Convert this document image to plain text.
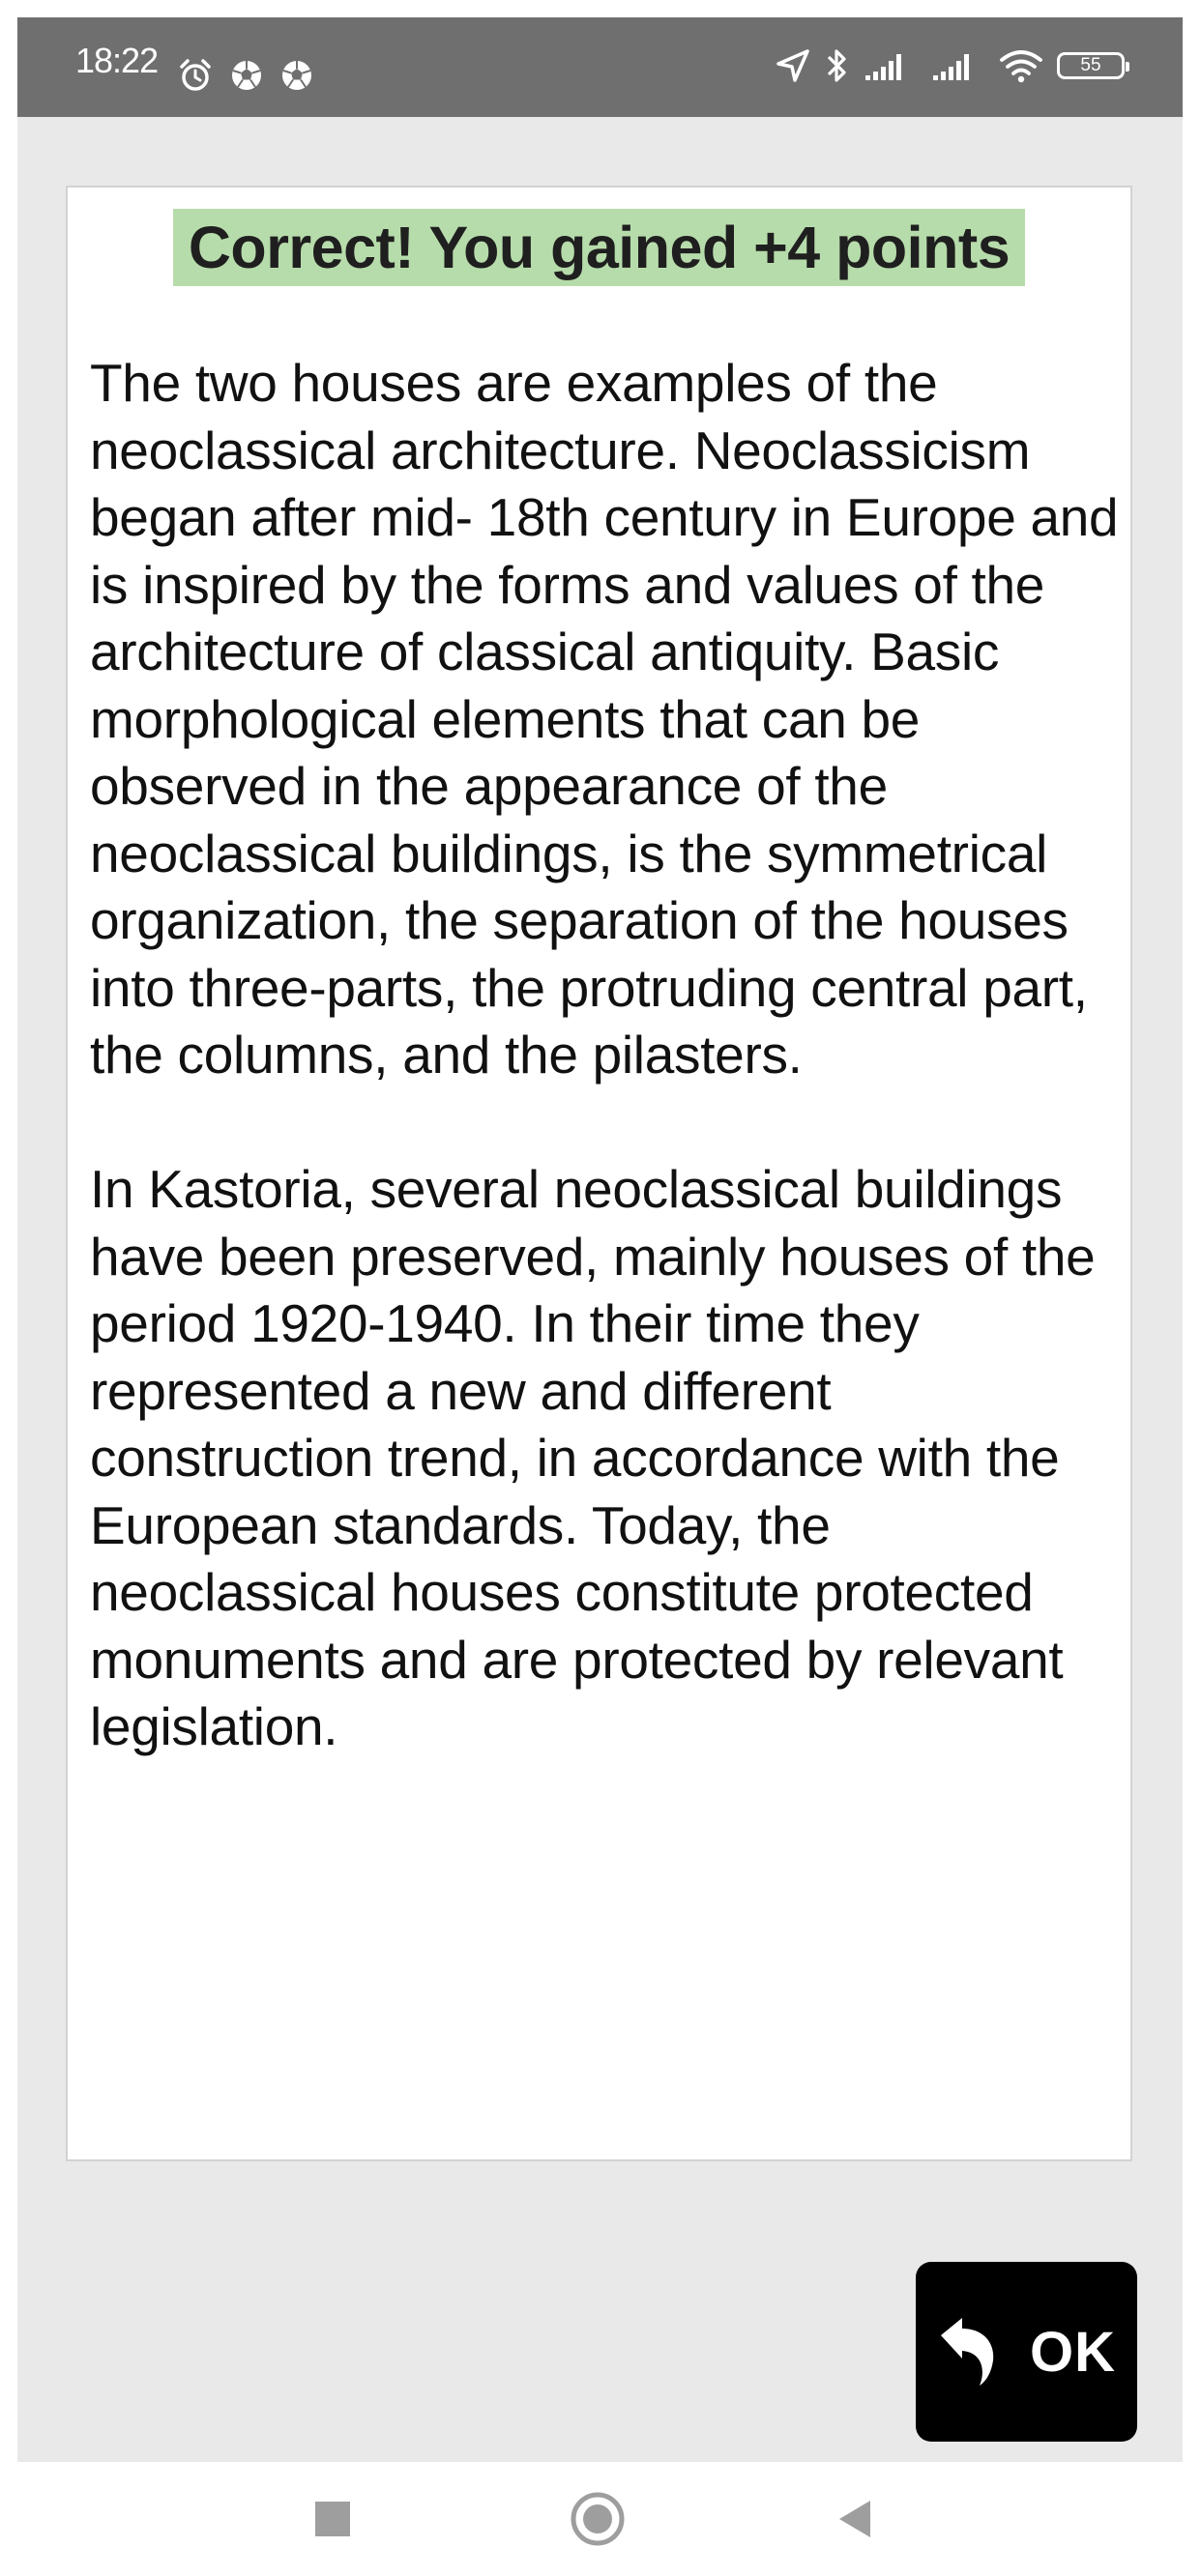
18:22	55
Correct! You gained +4 points

The two houses are examples of the neoclassical architecture. Neoclassicism began after mid- 18th century in Europe and is inspired by the forms and values of the architecture of classical antiquity. Basic morphological elements that can be observed in the appearance of the neoclassical buildings, is the symmetrical organization, the separation of the houses into three-parts, the protruding central part, the columns, and the pilasters.

In Kastoria, several neoclassical buildings have been preserved, mainly houses of the period 1920-1940. In their time they represented a new and different construction trend, in accordance with the European standards. Today, the neoclassical houses constitute protected monuments and are protected by relevant legislation.

OK
